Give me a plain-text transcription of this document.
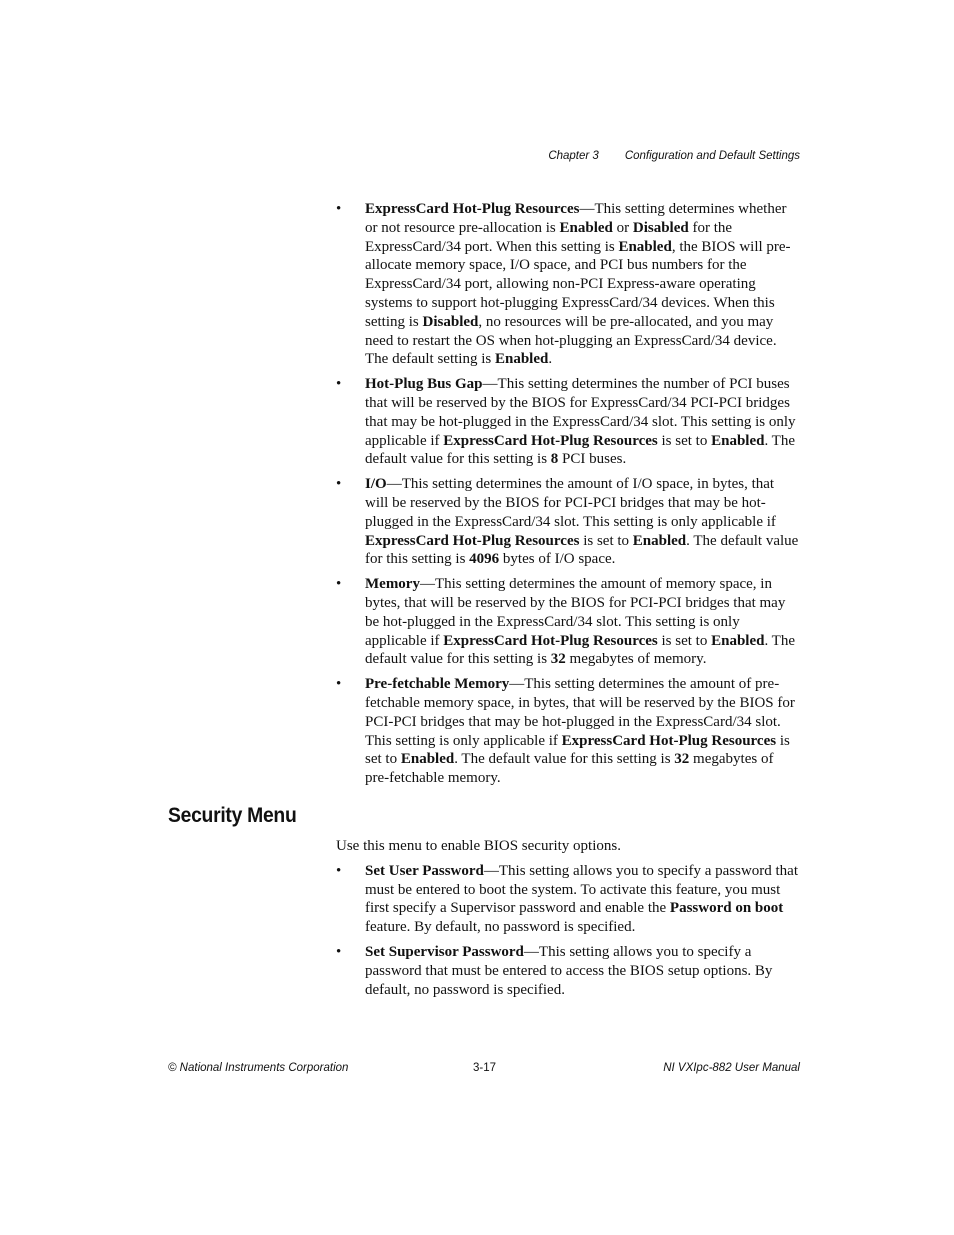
Chapter 3 Configuration and Default Settings
•	ExpressCard Hot-Plug Resources—This setting determines whether or not resource pre-allocation is Enabled or Disabled for the ExpressCard/34 port. When this setting is Enabled, the BIOS will pre-allocate memory space, I/O space, and PCI bus numbers for the ExpressCard/34 port, allowing non-PCI Express-aware operating systems to support hot-plugging ExpressCard/34 devices. When this setting is Disabled, no resources will be pre-allocated, and you may need to restart the OS when hot-plugging an ExpressCard/34 device. The default setting is Enabled.
•	Hot-Plug Bus Gap—This setting determines the number of PCI buses that will be reserved by the BIOS for ExpressCard/34 PCI-PCI bridges that may be hot-plugged in the ExpressCard/34 slot. This setting is only applicable if ExpressCard Hot-Plug Resources is set to Enabled. The default value for this setting is 8 PCI buses.
•	I/O—This setting determines the amount of I/O space, in bytes, that will be reserved by the BIOS for PCI-PCI bridges that may be hot-plugged in the ExpressCard/34 slot. This setting is only applicable if ExpressCard Hot-Plug Resources is set to Enabled. The default value for this setting is 4096 bytes of I/O space.
•	Memory—This setting determines the amount of memory space, in bytes, that will be reserved by the BIOS for PCI-PCI bridges that may be hot-plugged in the ExpressCard/34 slot. This setting is only applicable if ExpressCard Hot-Plug Resources is set to Enabled. The default value for this setting is 32 megabytes of memory.
•	Pre-fetchable Memory—This setting determines the amount of pre-fetchable memory space, in bytes, that will be reserved by the BIOS for PCI-PCI bridges that may be hot-plugged in the ExpressCard/34 slot. This setting is only applicable if ExpressCard Hot-Plug Resources is set to Enabled. The default value for this setting is 32 megabytes of pre-fetchable memory.
Security Menu

Use this menu to enable BIOS security options.

•	Set User Password—This setting allows you to specify a password that must be entered to boot the system. To activate this feature, you must first specify a Supervisor password and enable the Password on boot feature. By default, no password is specified.
•	Set Supervisor Password—This setting allows you to specify a password that must be entered to access the BIOS setup options. By default, no password is specified.
© National Instruments Corporation	3-17	NI VXIpc-882 User Manual
